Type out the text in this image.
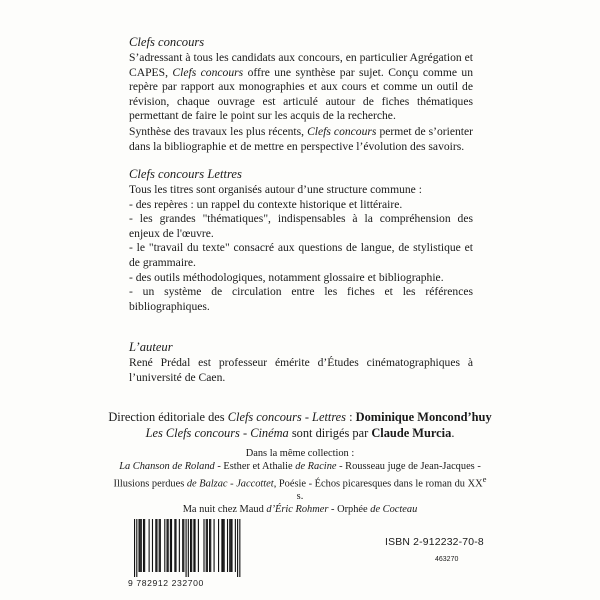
Clefs concours
S’adressant à tous les candidats aux concours, en particulier Agrégation et CAPES, Clefs concours offre une synthèse par sujet. Conçu comme un repère par rapport aux monographies et aux cours et comme un outil de révision, chaque ouvrage est articulé autour de fiches thématiques permettant de faire le point sur les acquis de la recherche.
Synthèse des travaux les plus récents, Clefs concours permet de s’orienter dans la bibliographie et de mettre en perspective l’évolution des savoirs.
Clefs concours Lettres

Tous les titres sont organisés autour d’une structure commune :

- des repères : un rappel du contexte historique et littéraire.
- les grandes "thématiques", indispensables à la compréhension des enjeux de l'œuvre.
- le "travail du texte" consacré aux questions de langue, de stylistique et de grammaire.
- des outils méthodologiques, notamment glossaire et bibliographie.
- un système de circulation entre les fiches et les références bibliographiques.
L’auteur

René Prédal est professeur émérite d’Études cinématographiques à l’université de Caen.

Direction éditoriale des Clefs concours - Lettres : Dominique Moncond’huy
Les Clefs concours - Cinéma sont dirigés par Claude Murcia.
Dans la même collection :
La Chanson de Roland - Esther et Athalie de Racine - Rousseau juge de Jean-Jacques -
Illusions perdues de Balzac - Jaccottet, Poésie - Échos picaresques dans le roman du XXe s.
Ma nuit chez Maud d’Éric Rohmer - Orphée de Cocteau
9 782912 232700
ISBN 2-912232-70-8
463270
